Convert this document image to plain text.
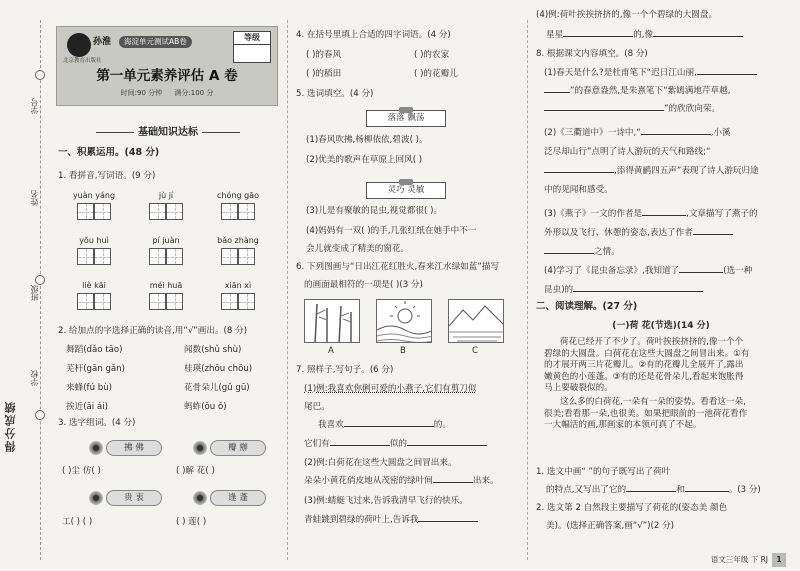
学号
姓名
班级
学校
得分成绩
孙淮	海淀单元测试AB卷
北京教育出版社
等级
第一单元素养评估 A 卷
时间:90 分钟 满分:100 分
基础知识达标
一、积累运用。(48 分)
1. 看拼音,写词语。(9 分)
yuàn yáng	jù jí	chóng gāo
yōu huì	pí juàn	bǎo zhàng
liè kāi	méi huā	xiān xì
2. 给加点的字选择正确的读音,用“√”画出。(8 分)
舞蹈(dǎo tāo)	闻数(shǔ shù)
芜杆(gān gǎn)	桂瑛(zhōu chōu)
来蜂(fú bù)	花骨朵儿(gǔ gū)
挨近(āi ái)	蚂蚱(ǒu ǒ)
3. 选字组词。(4 分)
拂 佛	瓣 辦
( )尘 仿( )	( )解 花( )
贵 衷	逢 蓬
工( ) ( )	( ) 莲( )
4. 在括号里填上合适的四字词语。(4 分)
( )的春风	( )的农家
( )的稻田	( )的花瓣儿
5. 选词填空。(4 分)
落落 飘荡
(1)春风吹拂,杨柳依依,碧波( )。
(2)优美的歌声在草原上回风( )
灵巧 灵敏
(3)儿是有聚敏的昆虫,视觉都很( )。
(4)妈妈有一双( )的手,几张红纸在她手中不一
会儿就变成了精美的窗花。
6. 下列图画与“日出江花红胜火,春来江水绿如蓝”描写
的画面最相符的一项是( )(3 分)
A	B	C
7. 照样子,写句子。(6 分)
(1)例:我喜欢你俐可爱的小燕子,它们有剪刀似
尾巴。
我喜欢	的。
它们有	似的
(2)例:白荷花在这些大圆盘之间冒出来。
朵朵小黄花俏皮地从茂密的绿叶间	出来。
(3)例:蜻蜓飞过来,告诉我清早飞行的快乐。
青蛙跳到碧绿的荷叶上,告诉我
(4)例:荷叶挨挨挤挤的,像一个个碧绿的大圆盘。
星星	的,像
8. 根据课文内容填空。(8 分)
(1)春天是什么?是杜甫笔下“迟日江山丽,
”的春意盎然,是朱熹笔下“紫嫣满地芹草越,
”的欣欣向荣。
(2)《三衢道中》一诗中,“	,小溪
泛尽却山行”点明了诗人游玩的天气和路线;“
,添得黄鹂四五声”表现了诗人游玩归途
中的见闻和感受。
(3)《燕子》一文的作者是	,文章描写了燕子的
外形以及飞行、休憩的姿态,表达了作者
之情。
(4)学习了《昆虫备忘录》,我知道了	(选一种
昆虫)的
二、阅读理解。(27 分)
(一)荷 花(节选)(14 分)
荷花已经开了不少了。荷叶挨挨挤挤的,像一个个
碧绿的大圆盘。白荷花在这些大圆盘之间冒出来。①有
的才展开两三片花瓣儿。②有的花瓣儿全展开了,露出
嫩黄色的小莲蓬。③有的还是花骨朵儿,看起来饱胀得
马上要破裂似的。
这么多的白荷花,一朵有一朵的姿势。看看这一朵,
很美;看看那一朵,也很美。如果把眼前的一池荷花看作
一大幅活的画,那画家的本领可真了不起。
1. 选文中画“ ”的句子既写出了荷叶
的特点,又写出了它的	和	。(3 分)
2. 选文第 2 自然段主要描写了荷花的(姿态美 颜色
美)。(选择正确答案,画“√”)(2 分)
语文三年级 下 RJ 1
